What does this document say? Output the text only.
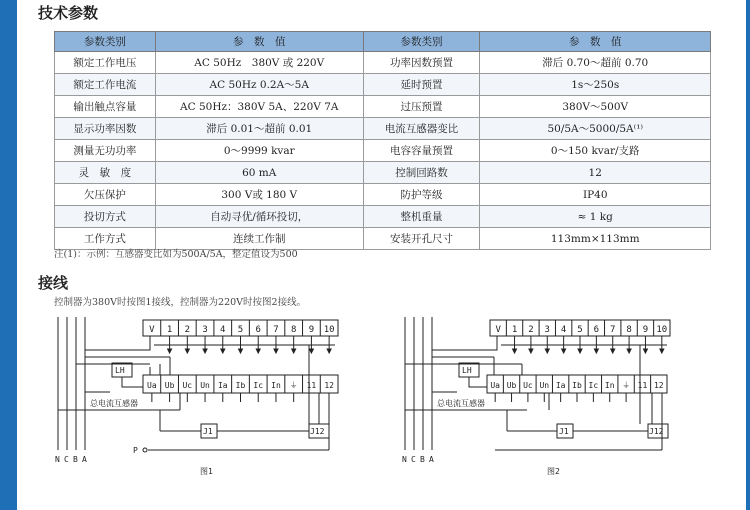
技术参数
参数类别	参　数　值	参数类别	参　数　值
额定工作电压	AC 50Hz　380V 或 220V	功率因数预置	滞后 0.70～超前 0.70
额定工作电流	AC 50Hz 0.2A～5A	延时预置	1s～250s
输出触点容量	AC 50Hz：380V 5A、220V 7A	过压预置	380V～500V
显示功率因数	滞后 0.01～超前 0.01	电流互感器变比	50/5A～5000/5A⁽¹⁾
测量无功功率	0～9999 kvar	电容容量预置	0～150 kvar/支路
灵　敏　度	60 mA	控制回路数	12
欠压保护	300 V或 180 V	防护等级	IP40
投切方式	自动寻优/循环投切，	整机重量	≈ 1 kg
工作方式	连续工作制	安装开孔尺寸	113mm×113mm
注(1)：示例：互感器变比如为500A/5A，整定值设为500
接线
控制器为380V时按图1接线，控制器为220V时按图2接线。
V 1 2 3 4 5 6 7 8 9 10
Ua Ub Uc Un Ia Ib Ic In ⏚ 11 12
LH
总电流互感器
J1	J12
N C B A
P
图1
V 1 2 3 4 5 6 7 8 9 10
Ua Ub Uc Un Ia Ib Ic In ⏚ 11 12
LH
总电流互感器
J1	J12
N C B A
图2
